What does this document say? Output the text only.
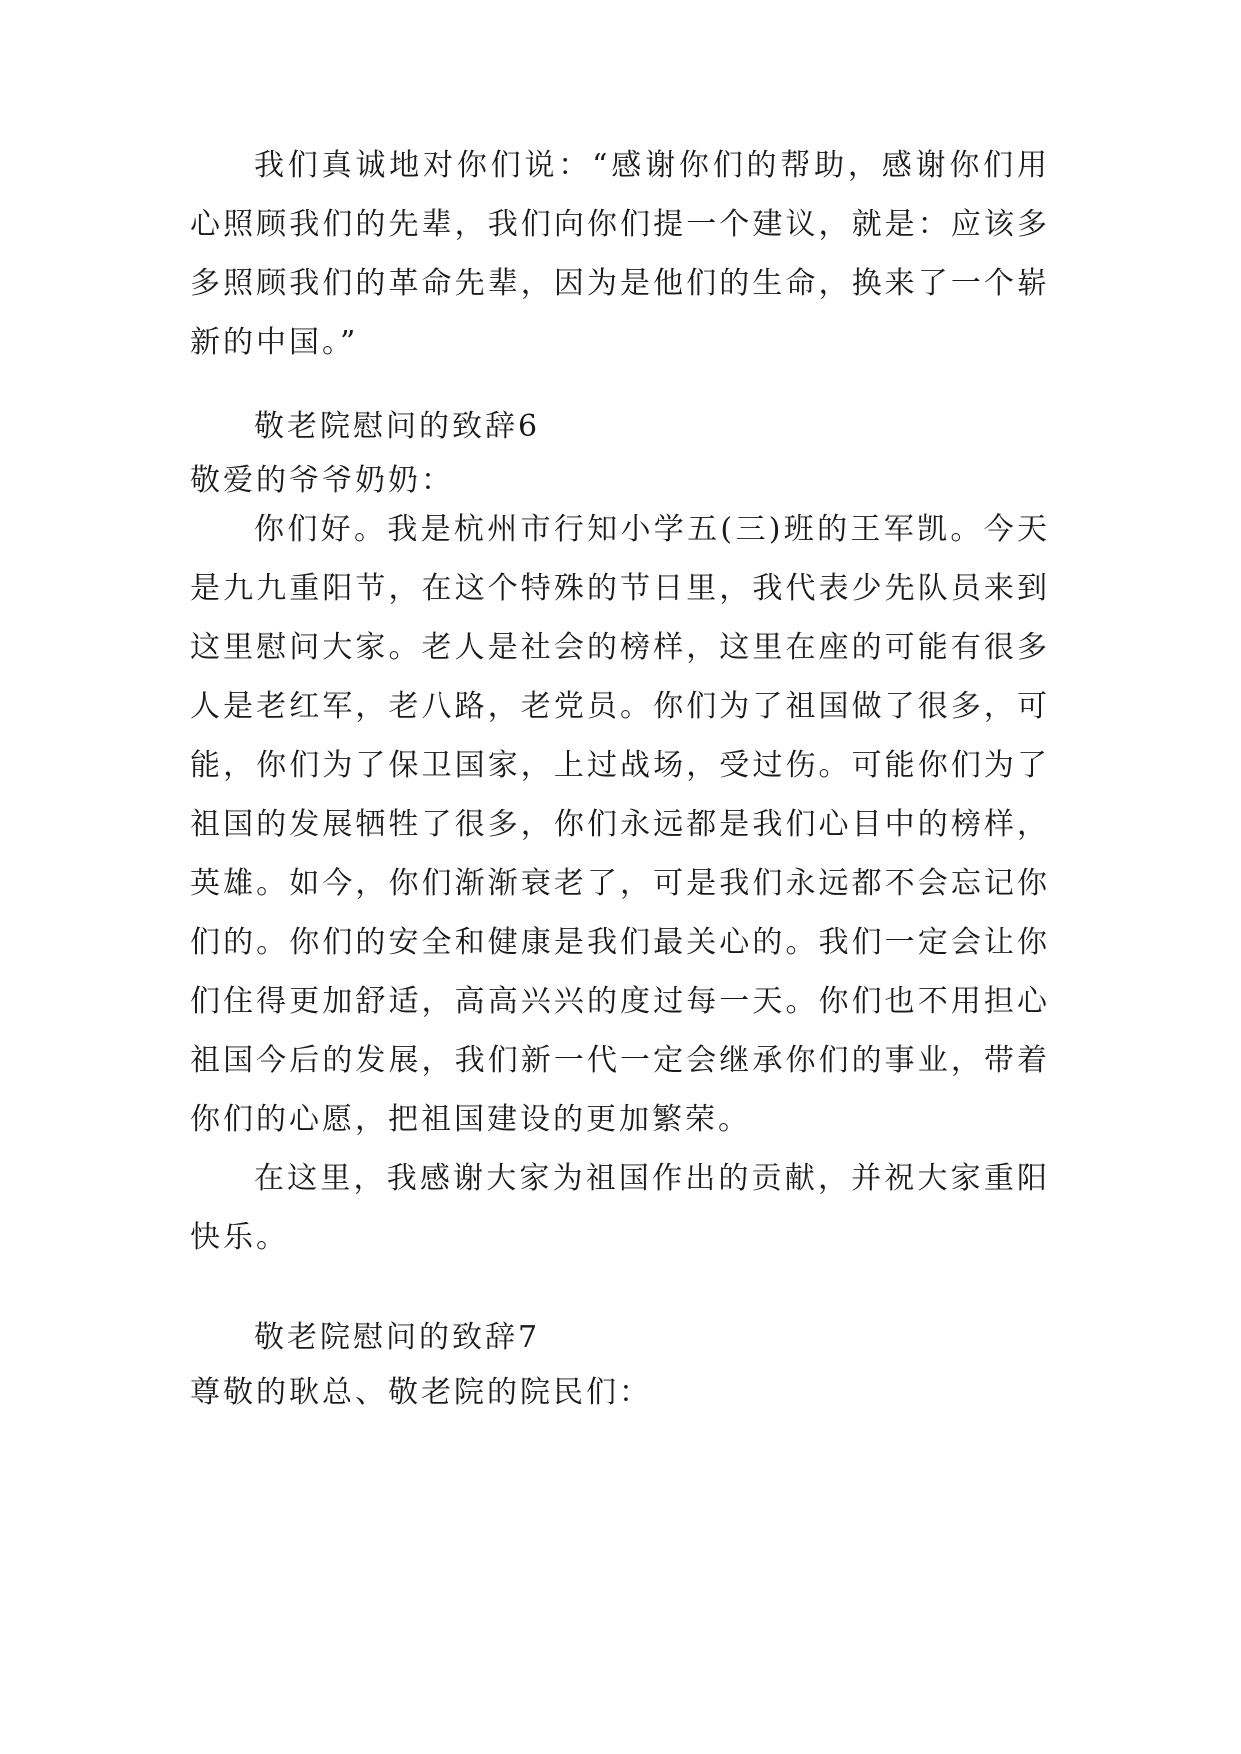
我们真诚地对你们说：“感谢你们的帮助，感谢你们用心照顾我们的先辈，我们向你们提一个建议，就是：应该多多照顾我们的革命先辈，因为是他们的生命，换来了一个崭新的中国。”

敬老院慰问的致辞6
敬爱的爷爷奶奶：

你们好。我是杭州市行知小学五(三)班的王军凯。今天是九九重阳节，在这个特殊的节日里，我代表少先队员来到这里慰问大家。老人是社会的榜样，这里在座的可能有很多人是老红军，老八路，老党员。你们为了祖国做了很多，可能，你们为了保卫国家，上过战场，受过伤。可能你们为了祖国的发展牺牲了很多，你们永远都是我们心目中的榜样，英雄。如今，你们渐渐衰老了，可是我们永远都不会忘记你们的。你们的安全和健康是我们最关心的。我们一定会让你们住得更加舒适，高高兴兴的度过每一天。你们也不用担心祖国今后的发展，我们新一代一定会继承你们的事业，带着你们的心愿，把祖国建设的更加繁荣。

在这里，我感谢大家为祖国作出的贡献，并祝大家重阳快乐。

敬老院慰问的致辞7
尊敬的耿总、敬老院的院民们：
